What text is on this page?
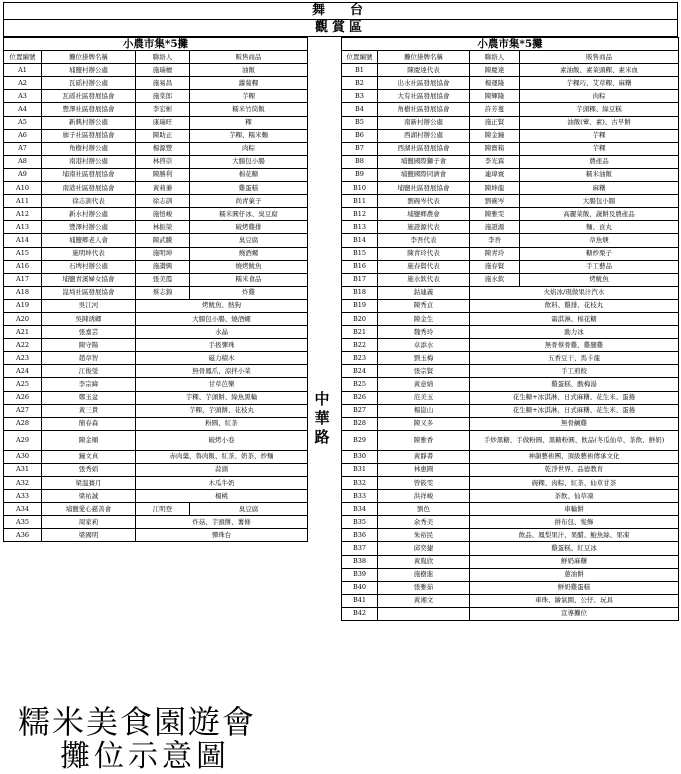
舞　台
觀賞區
小農市集*5攤			
位置編號	攤位掛牌名稱	聯絡人	販售商品
A1	埔鹽村辦公處	施瑞檀	油飯
A2	瓦磘村辦公處	施易昌	蘿蔔粿
A3	瓦磘社區發展協會	施棠郎	芋粿
A4	豐澤社區發展協會	李宏彬	糯米竹筒飯
A5	新興村辦公處	康瑞旺	粿
A6	廍子社區發展協會	陳助正	芋粿、糯米麵
A7	角樹村辦公處	楊源豐	肉粽
A8	南港村辦公處	林啓崇	大腸包小腸
A9	埔南社區發展協會	陳勝利	棉花糖
A10	南港社區發展協會	黃莉蓁	雞蛋糕
A11	徐志訓代表	徐志訓	尚青菓子
A12	新水村辦公處	施愷峻	糯米圓仔冰、臭豆腐
A13	豐澤村辦公處	林振榮	破烤雞排
A14	埔鹽鄉老人會	陳武騰	臭豆腐
A15	施明坤代表	施明坤	燒酒螺
A16	石埤村辦公處	施讚興	燒烤魷魚
A17	埔鹽青溪婦女協會	張美霞	糯米食品
A18	崑埼社區發展協會	蔡志錦	炸雞
A19	吳江河	烤魷魚、熱狗	
A20	吳陳琇卿	大腸包小腸、燒酒螺	
A21	張嘉芸	水晶	
A22	陳守陽	手搖彈珠	
A23	趙韋智	磁力積木	
A24	江俊瑩	無骨鳳爪、涼拌小菜	
A25	李宗緯	甘草芭樂	
A26	鄭玉盆	芋粿、芋頭餅、綠魚黑輪	
A27	黃三貴	芋粿、芋頭餅、花枝丸	
A28	簡春森	粉圓、紅茶	
A29	陳金順	破烤小卷	
A30	鐘文真	赤肉羹、魯肉飯、紅茶、奶茶、炒麵	
A31	張秀娟	蒜頭	
A32	梁温賽月	木瓜牛奶	
A33	梁祐誠	楊桃	
A34	埔鹽愛心慈善會	江明登	臭豆腐
A35	周家莉	炸菇、芋頭餅、薯條	
A36	梁國明	彈珠台	
小農市集*5攤			
位置編號	攤位掛牌名稱	聯絡人	販售商品
B1	陳慶達代表	陳慶達	素油飯、素菜頭粿、素米血
B2	出水社區發展協會	楊運隆	芋粿巧、艾草粿、麻糬
B3	大有社區發展協會	陳輝隆	肉粽
B4	角樹社區發展協會	許芳蔓	芋頭粿、綠豆糕
B5	南新村辦公處	施正賢	油飯(葷、素)、古早餅
B6	西湖村辦公處	陳金鐘	芋粿
B7	西湖社區發展協會	陳寶箱	芋粿
B8	埔鹽國際獅子會	李光霖	農產品
B9	埔鹽國際同濟會	連瑋寰	糯米油飯
B10	埔鹽社區發展協會	陳坤龍	麻糬
B11	劉碗岑代表	劉碗岑	大腸包小腸
B12	埔鹽鄉農會	陳雅雯	高麗菜飯、蔬餅及農產品
B13	施證源代表	施證源	麵、貢丸
B14	李吾代表	李吾	韋魚焿
B15	陳青玲代表	陳青玲	糖炒栗子
B16	施春賢代表	施春賢	手工藝品
B17	施水欽代表	施水欽	烤魷魚
B18	鈷連義	火焰冰/現做果汁汽水	
B19	陳秀貞	飲料、雞排、花枝丸	
B20	陳金生	霜淇淋、棉花糖	
B21	魏秀玲	動力冰	
B22	卓添水	無骨蔡骨雞、雞腿雞	
B23	劉玉梅	五香豆干、馬卡龍	
B24	張宗賢	手工煎餃	
B25	黃意婧	雞蛋糕、酸梅湯	
B26	范美玉	花生糖+冰淇淋、日式麻糬、花生米、蛋捲	
B27	楊崑山	花生糖+冰淇淋、日式麻糬、花生米、蛋捲	
B28	陳又多	無骨鹹雞	
B29	陳雅香	手炒黑糖、手做粉圓、黑糖粉圓、飲品(冬瓜仙草、茶飲、鮮奶)	
B30	黃靜書	神韻藝術團、頂級藝術傳承文化	
B31	林惠圓	乾淨世界、品德教育	
B32	曾筱雯	碗粿、肉粽、紅茶、仙草甘茶	
B33	洪祥峻	茶飲、仙草凍	
B34	劉色	車輪餅	
B35	余秀美	拼布包、髮飾	
B36	朱裕民	飲品、鳳梨果汁、果醋、鮑魚絲、果凍	
B37	邱奕捷	雞蛋糕、紅豆冰	
B38	黃胤欣	鮮奶麻糬	
B39	施樹進	蔥油餅	
B40	張雅茹	鮮奶雞蛋糕	
B41	黃湘文	車珠、繪氣圈、公仔、玩具	
B42		宣導攤位	
中
華
路
糯米美食園遊會
攤位示意圖
